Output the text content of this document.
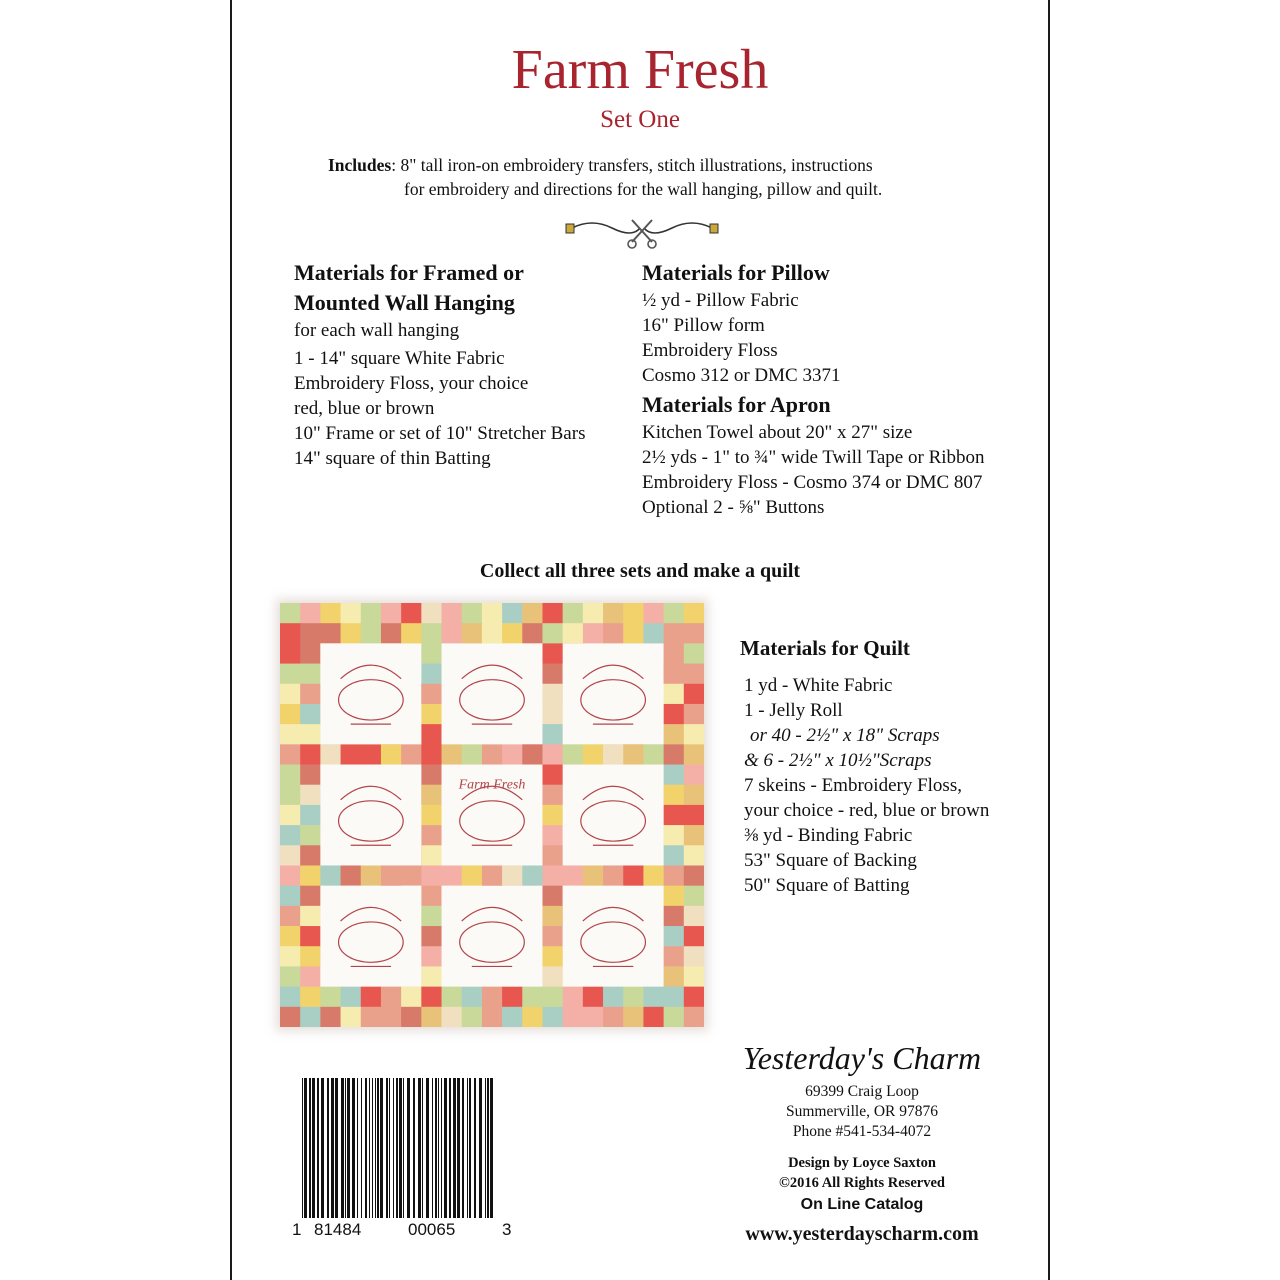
Farm Fresh
Set One
Includes: 8" tall iron-on embroidery transfers, stitch illustrations, instructions
for embroidery and directions for the wall hanging, pillow and quilt.
Materials for Framed or
Mounted Wall Hanging
for each wall hanging
1 - 14" square White Fabric
Embroidery Floss, your choice
red, blue or brown
10" Frame or set of 10" Stretcher Bars
14" square of thin Batting
Materials for Pillow
½ yd - Pillow Fabric
16" Pillow form
Embroidery Floss
Cosmo 312 or DMC 3371
Materials for Apron
Kitchen Towel about 20" x 27" size
2½ yds - 1" to ¾" wide Twill Tape or Ribbon
Embroidery Floss - Cosmo 374 or DMC 807
Optional 2 - ⅝" Buttons
Collect all three sets and make a quilt
Farm Fresh
Materials for Quilt
1 yd - White Fabric
1 - Jelly Roll
or 40 - 2½" x 18" Scraps
& 6 - 2½" x 10½"Scraps
7 skeins - Embroidery Floss,
your choice - red, blue or brown
⅜ yd - Binding Fabric
53" Square of Backing
50" Square of Batting
1 81484	00065	3
Yesterday's Charm
69399 Craig Loop
Summerville, OR 97876
Phone #541-534-4072
Design by Loyce Saxton
©2016 All Rights Reserved
On Line Catalog
www.yesterdayscharm.com
